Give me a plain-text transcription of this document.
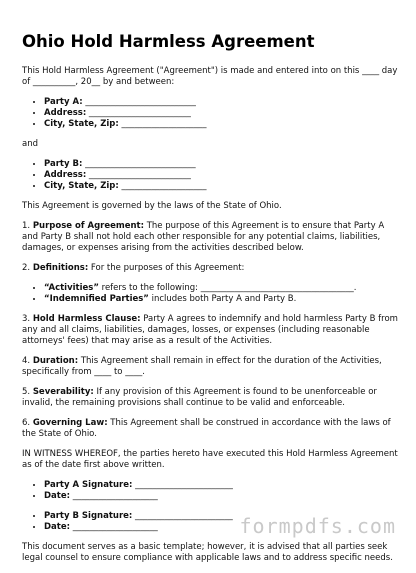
Ohio Hold Harmless Agreement

This Hold Harmless Agreement ("Agreement") is made and entered into on this ____ day of __________, 20__ by and between:

• Party A: __________________________
• Address: ________________________
• City, State, Zip: ____________________

and

• Party B: __________________________
• Address: ________________________
• City, State, Zip: ____________________

This Agreement is governed by the laws of the State of Ohio.

1. Purpose of Agreement: The purpose of this Agreement is to ensure that Party A and Party B shall not hold each other responsible for any potential claims, liabilities, damages, or expenses arising from the activities described below.

2. Definitions: For the purposes of this Agreement:

• “Activities” refers to the following: ____________________________________.
• “Indemnified Parties” includes both Party A and Party B.

3. Hold Harmless Clause: Party A agrees to indemnify and hold harmless Party B from any and all claims, liabilities, damages, losses, or expenses (including reasonable attorneys' fees) that may arise as a result of the Activities.

4. Duration: This Agreement shall remain in effect for the duration of the Activities, specifically from ____ to ____.

5. Severability: If any provision of this Agreement is found to be unenforceable or invalid, the remaining provisions shall continue to be valid and enforceable.

6. Governing Law: This Agreement shall be construed in accordance with the laws of the State of Ohio.

IN WITNESS WHEREOF, the parties hereto have executed this Hold Harmless Agreement as of the date first above written.

• Party A Signature: _______________________
• Date: ____________________
• Party B Signature: _______________________
• Date: ____________________

This document serves as a basic template; however, it is advised that all parties seek legal counsel to ensure compliance with applicable laws and to address specific needs.

formpdfs.com
